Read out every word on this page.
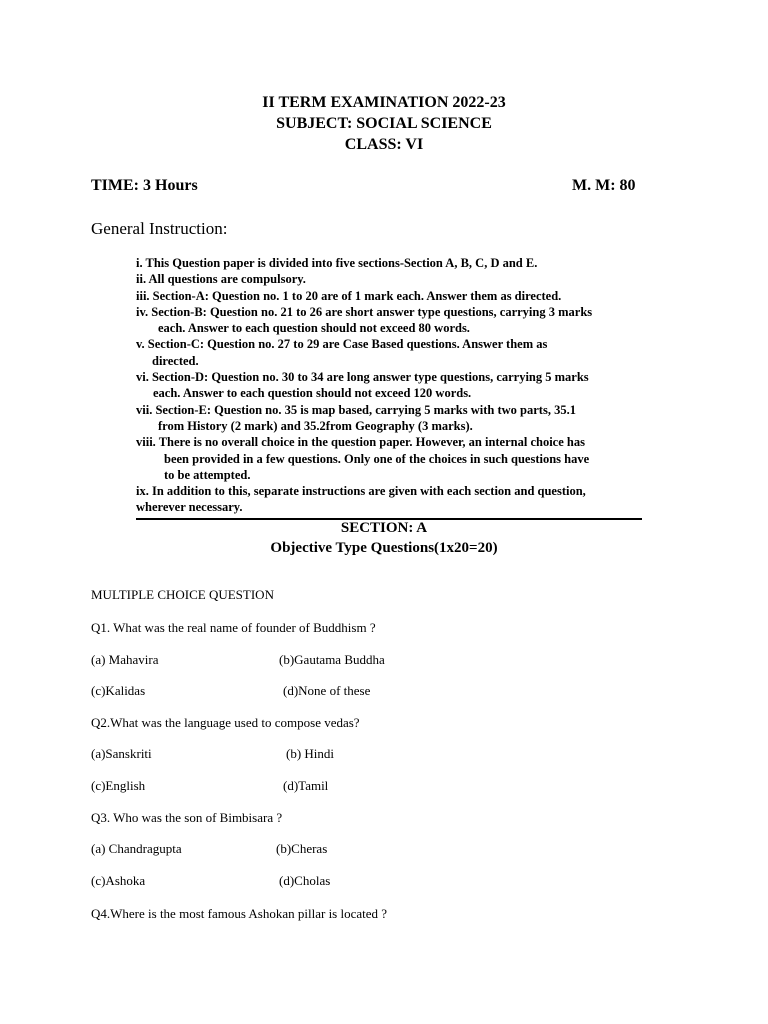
II TERM EXAMINATION 2022-23
SUBJECT: SOCIAL SCIENCE
CLASS: VI
TIME: 3 Hours	M. M: 80
General Instruction:
i. This Question paper is divided into five sections-Section A, B, C, D and E.
ii. All questions are compulsory.
iii. Section-A: Question no. 1 to 20 are of 1 mark each. Answer them as directed.
iv. Section-B: Question no. 21 to 26 are short answer type questions, carrying 3 marks
each. Answer to each question should not exceed 80 words.
v. Section-C: Question no. 27 to 29 are Case Based questions. Answer them as
directed.
vi. Section-D: Question no. 30 to 34 are long answer type questions, carrying 5 marks
each. Answer to each question should not exceed 120 words.
vii. Section-E: Question no. 35 is map based, carrying 5 marks with two parts, 35.1
from History (2 mark) and 35.2from Geography (3 marks).
viii. There is no overall choice in the question paper. However, an internal choice has
been provided in a few questions. Only one of the choices in such questions have
to be attempted.
ix. In addition to this, separate instructions are given with each section and question,
wherever necessary.
SECTION: A
Objective Type Questions(1x20=20)
MULTIPLE CHOICE QUESTION
Q1. What was the real name of founder of Buddhism ?
(a) Mahavira	(b)Gautama Buddha
(c)Kalidas	(d)None of these
Q2.What was the language used to compose vedas?
(a)Sanskriti	(b) Hindi
(c)English	(d)Tamil
Q3. Who was the son of Bimbisara ?
(a) Chandragupta	(b)Cheras
(c)Ashoka	(d)Cholas
Q4.Where is the most famous Ashokan pillar is located ?
